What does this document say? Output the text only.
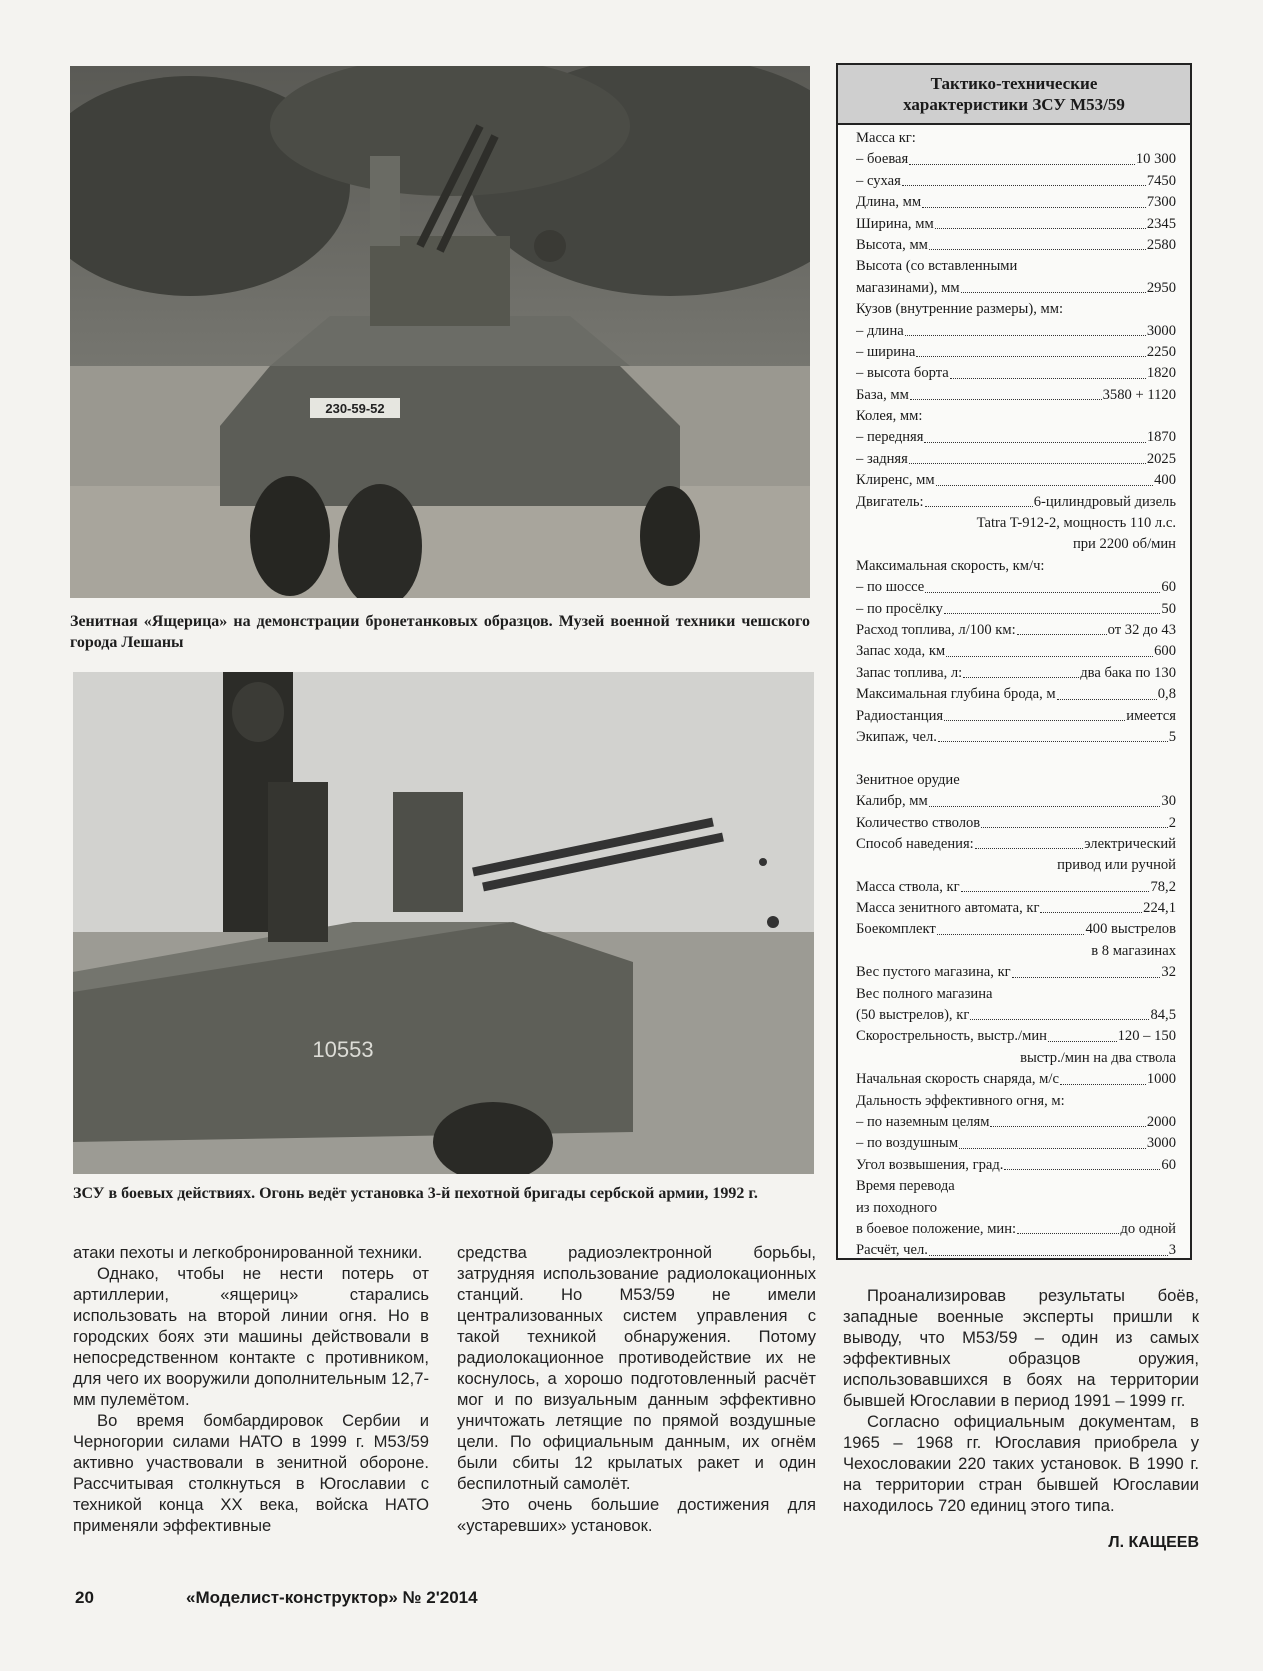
230-59-52
Зенитная «Ящерица» на демонстрации бронетанковых образцов. Музей военной техники чешского города Лешаны
10553
ЗСУ в боевых действиях. Огонь ведёт установка 3-й пехотной бригады сербской армии, 1992 г.
Тактико-технические
характеристики ЗСУ M53/59
Масса кг:
– боевая	10 300
– сухая	7450
Длина, мм	7300
Ширина, мм	2345
Высота, мм	2580
Высота (со вставленными
магазинами), мм	2950
Кузов (внутренние размеры), мм:
– длина	3000
– ширина	2250
– высота борта	1820
База, мм	3580 + 1120
Колея, мм:
– передняя	1870
– задняя	2025
Клиренс, мм	400
Двигатель:	6-цилиндровый дизель
Tatra T-912-2, мощность 110 л.с.
при 2200 об/мин
Максимальная скорость, км/ч:
– по шоссе	60
– по просёлку	50
Расход топлива, л/100 км:	от 32 до 43
Запас хода, км	600
Запас топлива, л:	два бака по 130
Максимальная глубина брода, м	0,8
Радиостанция	имеется
Экипаж, чел.	5
Зенитное орудие
Калибр, мм	30
Количество стволов	2
Способ наведения:	электрический
привод или ручной
Масса ствола, кг	78,2
Масса зенитного автомата, кг	224,1
Боекомплект	400 выстрелов
в 8 магазинах
Вес пустого магазина, кг	32
Вес полного магазина
(50 выстрелов), кг	84,5
Скорострельность, выстр./мин	120 – 150
выстр./мин на два ствола
Начальная скорость снаряда, м/с	1000
Дальность эффективного огня, м:
– по наземным целям	2000
– по воздушным	3000
Угол возвышения, град.	60
Время перевода
из походного
в боевое положение, мин:	до одной
Расчёт, чел.	3

атаки пехоты и легкобронированной техники.

Однако, чтобы не нести потерь от артиллерии, «ящериц» старались использовать на второй линии огня. Но в городских боях эти машины действовали в непосредственном контакте с противником, для чего их вооружили дополнительным 12,7-мм пулемётом.

Во время бомбардировок Сербии и Черногории силами НАТО в 1999 г. M53/59 активно участвовали в зенитной обороне. Рассчитывая столкнуться в Югославии с техникой конца XX века, войска НАТО применяли эффективные

средства радиоэлектронной борьбы, затрудняя использование радиолокационных станций. Но M53/59 не имели централизованных систем управления с такой техникой обнаружения. Потому радиолокационное противодействие их не коснулось, а хорошо подготовленный расчёт мог и по визуальным данным эффективно уничтожать летящие по прямой воздушные цели. По официальным данным, их огнём были сбиты 12 крылатых ракет и один беспилотный самолёт.

Это очень большие достижения для «устаревших» установок.

Проанализировав результаты боёв, западные военные эксперты пришли к выводу, что M53/59 – один из самых эффективных образцов оружия, использовавшихся в боях на территории бывшей Югославии в период 1991 – 1999 гг.

Согласно официальным документам, в 1965 – 1968 гг. Югославия приобрела у Чехословакии 220 таких установок. В 1990 г. на территории стран бывшей Югославии находилось 720 единиц этого типа.

Л. КАЩЕЕВ
20	«Моделист-конструктор» № 2'2014
